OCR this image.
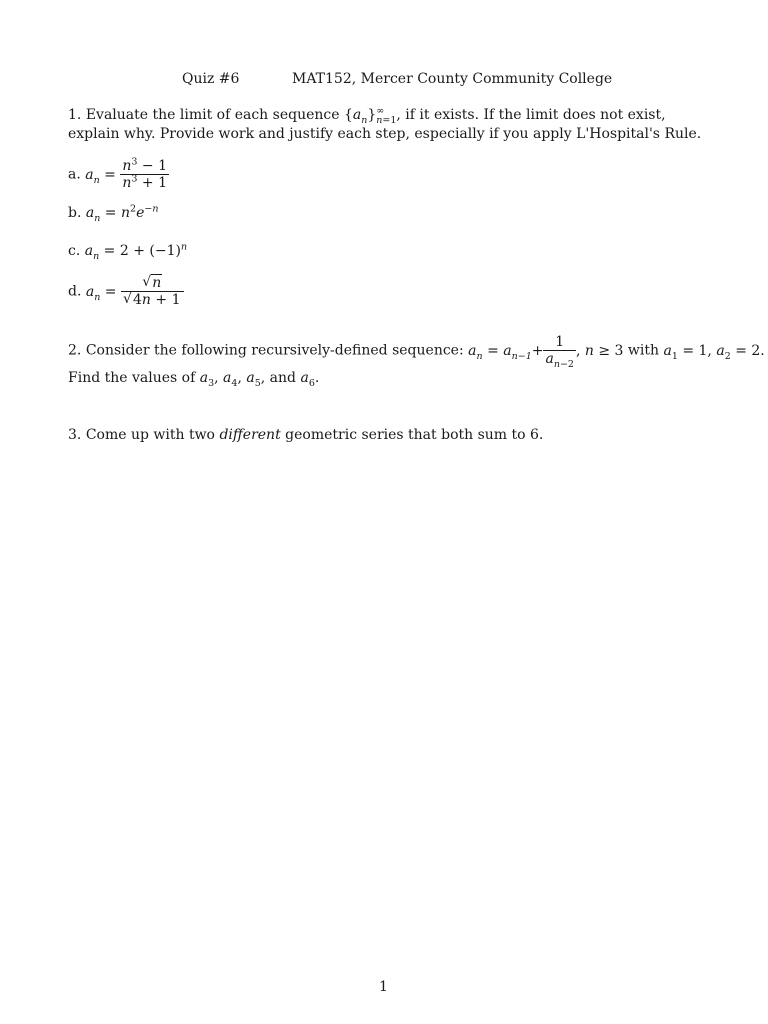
Quiz #6	MAT152, Mercer County Community College
1. Evaluate the limit of each sequence $\{a_n\}^\infty_{n=1}$, if it exists. If the limit does not exist, explain why. Provide work and justify each step, especially if you apply L'Hospital's Rule.
a. $a_n = \frac{n^3 - 1}{n^3 + 1}$
b. $a_n = n^2e^{-n}$
c. $a_n = 2 + (-1)^n$
d. $a_n$ =
√ n
√ 4n + 1
2. Consider the following recursively-defined sequence: $a_n = a_{n-1}+ \frac{1}{a_{n-2}}$ , n ≥ 3 with $a_1 = 1$, $a_2 = 2$.
Find the values of $a_3$, $a_4$, $a_5$, and $a_6$.
3. Come up with two different geometric series that both sum to 6.
1
